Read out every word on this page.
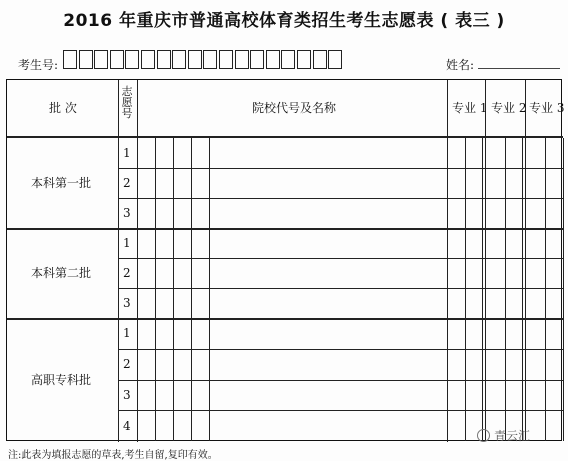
2016 年重庆市普通高校体育类招生考生志愿表 ( 表三 )
考生号:	姓名:
批 次
志愿号	院校代号及名称	专业 1 专业 2 专业 3
本科第一批
1
2
3
本科第二批
1
2
3
高职专科批
1
2
3
4
注:此表为填报志愿的草表,考生自留,复印有效。
青云汇
